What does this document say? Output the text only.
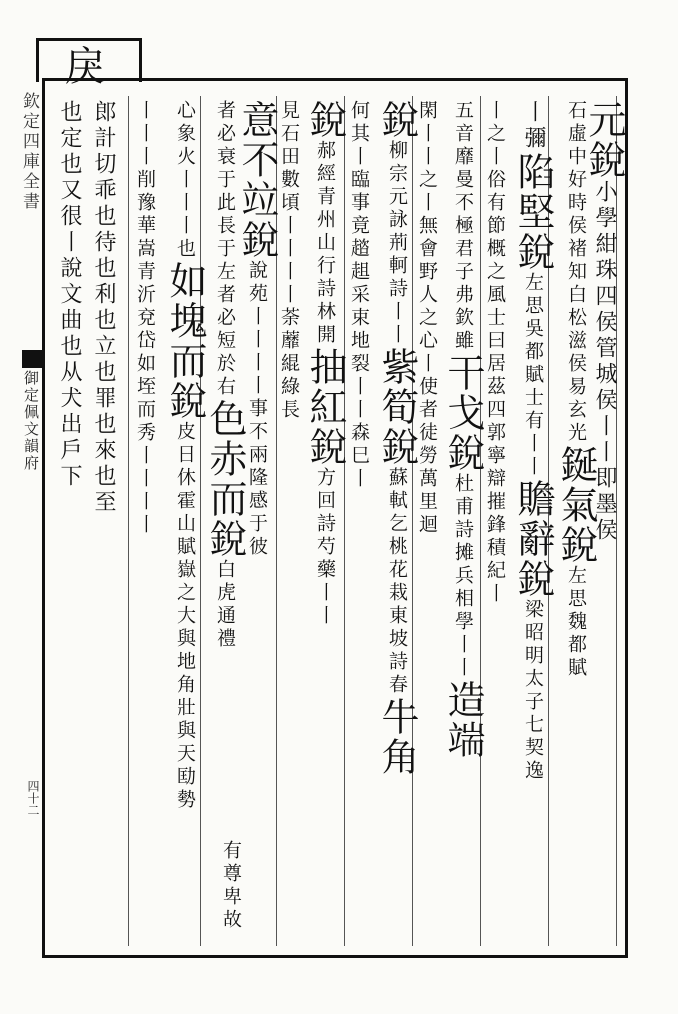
戾
欽定四庫全書
御定佩文韻府
四十二
元銳小學紺珠四侯管城侯丨丨即墨侯
石虛中好時侯褚知白松滋侯易玄光鋋氣銳左思魏都賦
丨彌陷堅銳左思吳都賦士有丨丨贍辭銳梁昭明太子七契逸
丨之丨俗有節概之風士曰居茲四郭寧辯摧鋒積紀丨
五音靡曼不極君子弗欽雖干戈銳杜甫詩摊兵相學丨丨造端
閑丨丨之丨無會野人之心丨使者徒勞萬里迴
銳柳宗元詠荊軻詩丨丨紫筍銳蘇軾乞桃花栽東坡詩春牛角
何其丨臨事竟趦趄采束地裂丨丨森巳丨
銳郝經青州山行詩林開抽紅銳方回詩芍藥丨丨
見石田數頃丨丨丨丨荼蘼緄綠長
意不竝銳說苑丨丨丨丨事不兩隆感于彼
者必衰于此長于左者必短於右色赤而銳白虎通禮
有尊卑故
心象火丨丨丨也如塊而銳皮日休霍山賦嶽之大與地角壯與天劻勢
丨丨丨削豫華嵩青沂兗岱如垤而秀丨丨丨丨
郎計切乖也待也利也立也罪也來也至
也定也又很丨說文曲也从犬出戶下
